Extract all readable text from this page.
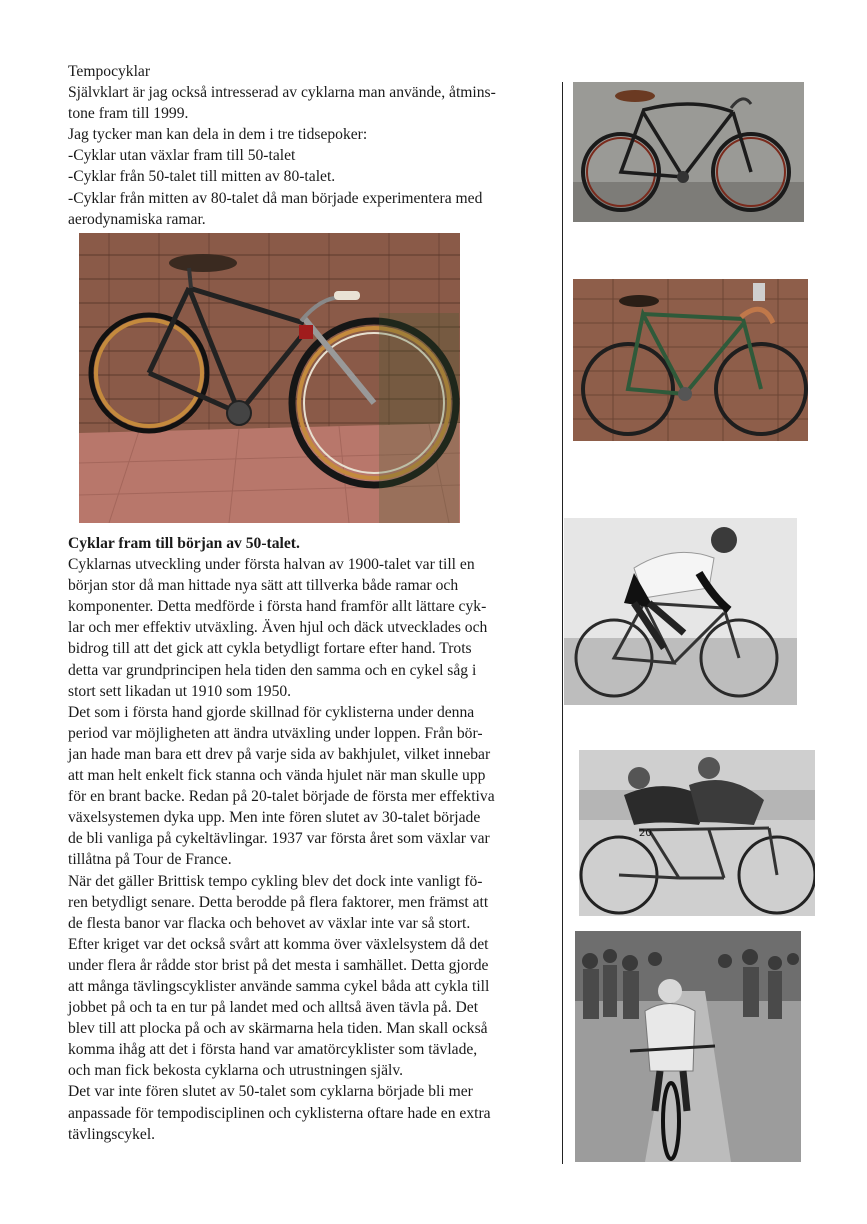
Tempocyklar
Självklart är jag också intresserad av cyklarna man använde, åtmins-
tone fram till 1999.
Jag tycker man kan dela in dem i tre tidsepoker:
-Cyklar utan växlar fram till 50-talet
-Cyklar från 50-talet till mitten av 80-talet.
-Cyklar från mitten av 80-talet då man började experimentera med
aerodynamiska ramar.
Cyklar fram till början av 50-talet.
Cyklarnas utveckling under första halvan av 1900-talet var till en
början stor då man hittade nya sätt att tillverka både ramar och
komponenter. Detta medförde i första hand framför allt lättare cyk-
lar och mer effektiv utväxling. Även hjul och däck utvecklades och
bidrog till att det gick att cykla betydligt fortare efter hand. Trots
detta var grundprincipen hela tiden den samma och en cykel såg i
stort sett likadan ut 1910 som 1950.
Det som i första hand gjorde skillnad för cyklisterna under denna
period var möjligheten att ändra utväxling under loppen. Från bör-
jan hade man bara ett drev på varje sida av bakhjulet, vilket innebar
att man helt enkelt fick stanna och vända hjulet när man skulle upp
för en brant backe. Redan på 20-talet började de första mer effektiva
växelsystemen dyka upp. Men inte fören slutet av 30-talet började
de bli vanliga på cykeltävlingar. 1937 var första året som växlar var
tillåtna på Tour de France.
När det gäller Brittisk tempo cykling blev det dock inte vanligt fö-
ren betydligt senare. Detta berodde på flera faktorer, men främst att
de flesta banor var flacka och behovet av växlar inte var så stort.
Efter kriget var det också svårt att komma över växlelsystem då det
under flera år rådde stor brist på det mesta i samhället. Detta gjorde
att många tävlingscyklister använde samma cykel båda att cykla till
jobbet på och ta en tur på landet med och alltså även tävla på. Det
blev till att plocka på och av skärmarna hela tiden. Man skall också
komma ihåg att det i första hand var amatörcyklister som tävlade,
och man fick bekosta cyklarna och utrustningen själv.
Det var inte fören slutet av 50-talet som cyklarna började bli mer
anpassade för tempodisciplinen och cyklisterna oftare hade en extra
tävlingscykel.
20
